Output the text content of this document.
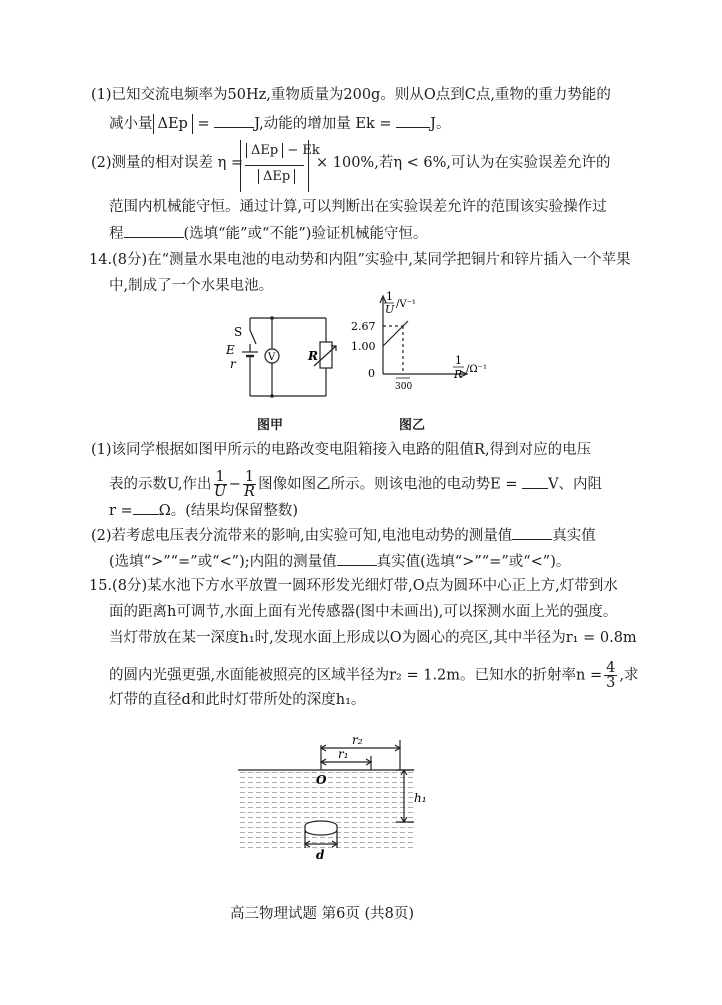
(1)已知交流电频率为50Hz,重物质量为200g。则从O点到C点,重物的重力势能的
减小量 ΔEp =	J,动能的增加量 Ek = J。
(2)测量的相对误差 η =
ΔEp − Ek
ΔEp
× 100%,若η < 6%,可认为在实验误差允许的
范围内机械能守恒。通过计算,可以判断出在实验误差允许的范围该实验操作过
程	(选填“能”或“不能”)验证机械能守恒。
14.(8分)在“测量水果电池的电动势和内阻”实验中,某同学把铜片和锌片插入一个苹果
中,制成了一个水果电池。
S
E
r	V	R
图甲
1
U /V⁻¹
2.67
1.00
0
1
R /Ω⁻¹
300
图乙
(1)该同学根据如图甲所示的电路改变电阻箱接入电路的阻值R,得到对应的电压
表的示数U,作出 $\frac{1}{U} - \frac{1}{R}$ 图像如图乙所示。则该电池的电动势E = V、内阻
r = Ω。(结果均保留整数)
(2)若考虑电压表分流带来的影响,由实验可知,电池电动势的测量值	真实值
(选填“>”“=”或“<”);内阻的测量值	真实值(选填“>”“=”或“<”)。
15.(8分)某水池下方水平放置一圆环形发光细灯带,O点为圆环中心正上方,灯带到水
面的距离h可调节,水面上面有光传感器(图中未画出),可以探测水面上光的强度。
当灯带放在某一深度h₁时,发现水面上形成以O为圆心的亮区,其中半径为r₁ = 0.8m
的圆内光强更强,水面能被照亮的区域半径为r₂ = 1.2m。已知水的折射率$n = \frac{4}{3}$ ,求
灯带的直径d和此时灯带所处的深度h₁。
r₂
r₁
O
h₁
d
高三物理试题 第6页 (共8页)
